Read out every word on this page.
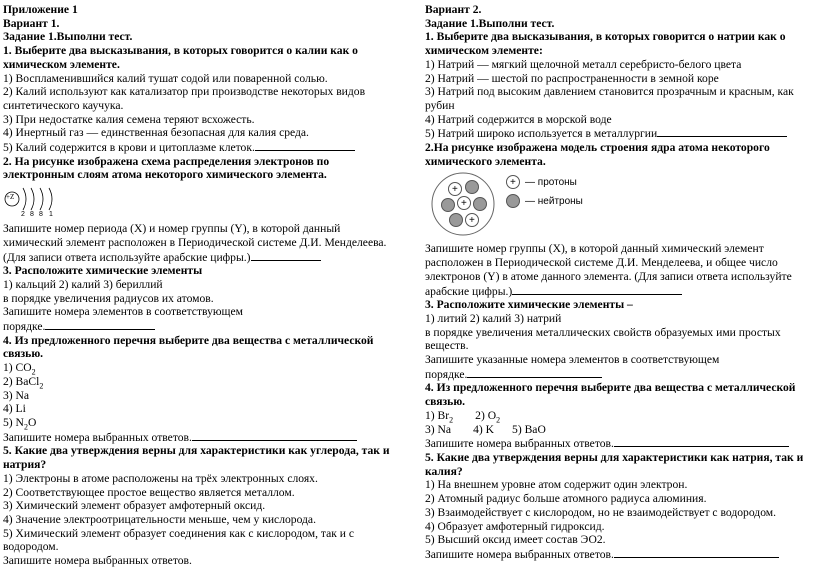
Приложение 1

Вариант 1.

Задание 1.Выполни тест.

1. Выберите два высказывания, в которых говорится о калии как о химическом элементе.

1) Воспламенившийся калий тушат содой или поваренной солью.

2) Калий используют как катализатор при производстве некоторых видов синтетического каучука.

3) При недостатке калия семена теряют всхожесть.

4) Инертный газ — единственная безопасная для калия среда.

5) Калий содержится в крови и цитоплазме клеток.

2. На рисунке изображена схема распределения электронов по электронным слоям атома некоторого химического элемента.

+Z
2 8 8 1

Запишите номер периода (X) и номер группы (Y), в которой данный химический элемент расположен в Периодической системе Д.И. Менделеева. (Для записи ответа используйте арабские цифры.)

3. Расположите химические элементы

1) кальций 2) калий 3) бериллий

в порядке увеличения радиусов их атомов.

Запишите номера элементов в соответствующем

порядке.

4. Из предложенного перечня выберите два вещества с металлической связью.

1) $CO_2$

2) BaCl$_2$

3) Na

4) Li

5) $N_2O$

Запишите номера выбранных ответов.

5. Какие два утверждения верны для характеристики как углерода, так и натрия?

1) Электроны в атоме расположены на трёх электронных слоях.

2) Соответствующее простое вещество является металлом.

3) Химический элемент образует амфотерный оксид.

4) Значение электроотрицательности меньше, чем у кислорода.

5) Химический элемент образует соединения как с кислородом, так и с водородом.

Запишите номера выбранных ответов.

Вариант 2.

Задание 1.Выполни тест.

1. Выберите два высказывания, в которых говорится о натрии как о химическом элементе:

1) Натрий — мягкий щелочной металл серебристо-белого цвета

2) Натрий — шестой по распространенности в земной коре

3) Натрий под высоким давлением становится прозрачным и красным, как рубин

4) Натрий содержится в морской воде

5) Натрий широко используется в металлургии

2.На рисунке изображена модель строения ядра атома некоторого химического элемента.

+
+
+
+ — протоны
— нейтроны

Запишите номер группы (X), в которой данный химический элемент расположен в Периодической системе Д.И. Менделеева, и общее число электронов (Y) в атоме данного элемента. (Для записи ответа используйте арабские цифры.)

3. Расположите химические элементы –

1) литий 2) калий 3) натрий

в порядке увеличения металлических свойств образуемых ими простых веществ.

Запишите указанные номера элементов в соответствующем

порядке.

4. Из предложенного перечня выберите два вещества с металлической связью.

1) $Br_2$ 2) $O_2$

3) Na 4) K 5) BaO

Запишите номера выбранных ответов.

5. Какие два утверждения верны для характеристики как натрия, так и калия?

1) На внешнем уровне атом содержит один электрон.

2) Атомный радиус больше атомного радиуса алюминия.

3) Взаимодействует с кислородом, но не взаимодействует с водородом.

4) Образует амфотерный гидроксид.

5) Высший оксид имеет состав ЭО2.

Запишите номера выбранных ответов.
